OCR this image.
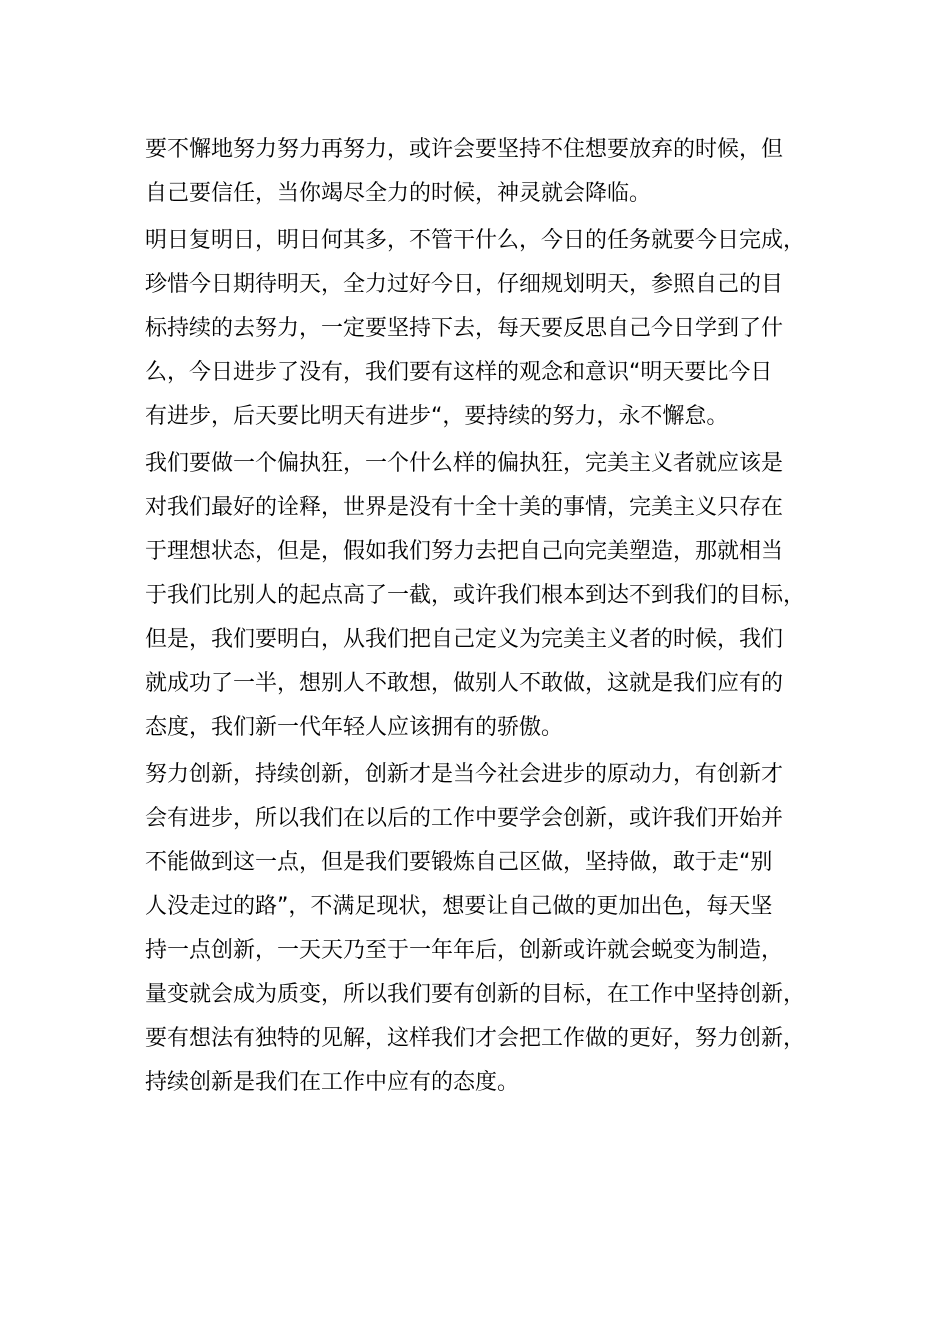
要不懈地努力努力再努力，或许会要坚持不住想要放弃的时候，但
自己要信任，当你竭尽全力的时候，神灵就会降临。
明日复明日，明日何其多，不管干什么，今日的任务就要今日完成，
珍惜今日期待明天，全力过好今日，仔细规划明天，参照自己的目
标持续的去努力，一定要坚持下去，每天要反思自己今日学到了什
么，今日进步了没有，我们要有这样的观念和意识“明天要比今日
有进步，后天要比明天有进步“，要持续的努力，永不懈怠。
我们要做一个偏执狂，一个什么样的偏执狂，完美主义者就应该是
对我们最好的诠释，世界是没有十全十美的事情，完美主义只存在
于理想状态，但是，假如我们努力去把自己向完美塑造，那就相当
于我们比别人的起点高了一截，或许我们根本到达不到我们的目标，
但是，我们要明白，从我们把自己定义为完美主义者的时候，我们
就成功了一半，想别人不敢想，做别人不敢做，这就是我们应有的
态度，我们新一代年轻人应该拥有的骄傲。
努力创新，持续创新，创新才是当今社会进步的原动力，有创新才
会有进步，所以我们在以后的工作中要学会创新，或许我们开始并
不能做到这一点，但是我们要锻炼自己区做，坚持做，敢于走“别
人没走过的路”，不满足现状，想要让自己做的更加出色，每天坚
持一点创新，一天天乃至于一年年后，创新或许就会蜕变为制造，
量变就会成为质变，所以我们要有创新的目标，在工作中坚持创新，
要有想法有独特的见解，这样我们才会把工作做的更好，努力创新，
持续创新是我们在工作中应有的态度。
